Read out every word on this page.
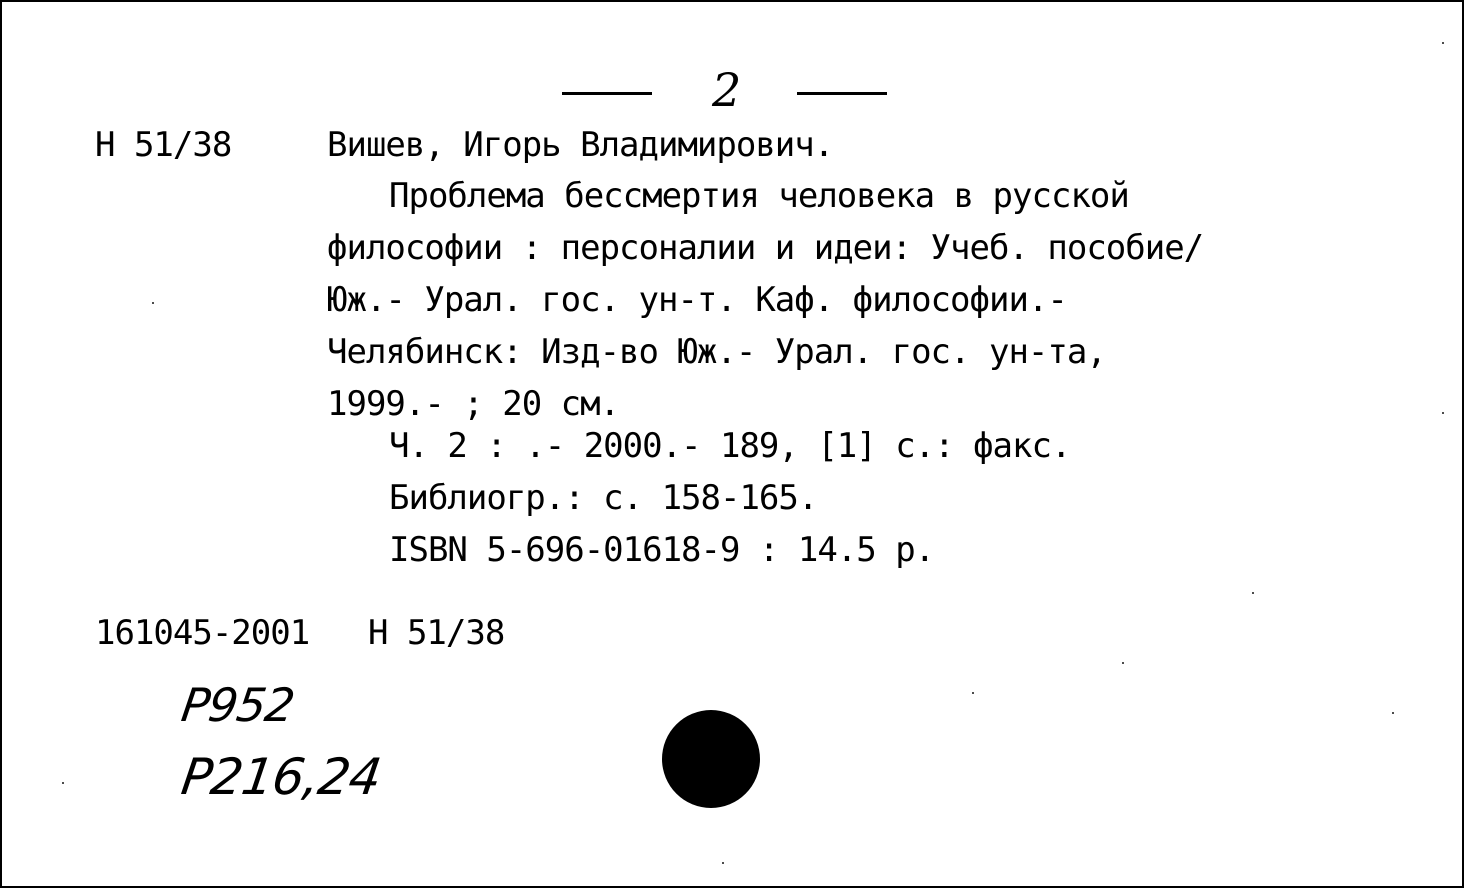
2
Н 51/38	Вишев, Игорь Владимирович.
Проблема бессмертия человека в русской
философии : персоналии и идеи: Учеб. пособие/
Юж.- Урал. гос. ун-т. Каф. философии.-
Челябинск: Изд-во Юж.- Урал. гос. ун-та,
1999.- ; 20 см.
Ч. 2 : .- 2000.- 189, [1] с.: факс.
Библиогр.: с. 158-165.
ISBN 5-696-01618-9 : 14.5 р.
161045-2001 Н 51/38
Р952
Р216,24
